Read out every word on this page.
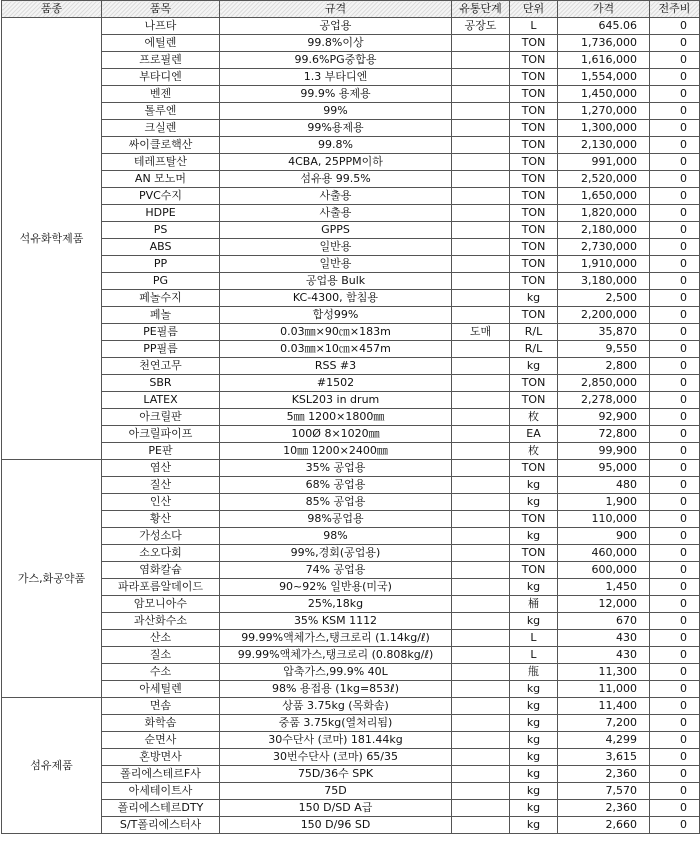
품종	품목	규격	유통단계	단위	가격	전주비
석유화학제품	나프타	공업용	공장도	L	645.06	0
	에틸렌	99.8%이상		TON	1,736,000	0
	프로필렌	99.6%PG중합용		TON	1,616,000	0
	부타디엔	1.3 부타디엔		TON	1,554,000	0
	벤젠	99.9% 용제용		TON	1,450,000	0
	톨루엔	99%		TON	1,270,000	0
	크실렌	99%용제용		TON	1,300,000	0
	싸이클로핵산	99.8%		TON	2,130,000	0
	테레프탈산	4CBA, 25PPM이하		TON	991,000	0
	AN 모노머	섬유용 99.5%		TON	2,520,000	0
	PVC수지	사출용		TON	1,650,000	0
	HDPE	사출용		TON	1,820,000	0
	PS	GPPS		TON	2,180,000	0
	ABS	일반용		TON	2,730,000	0
	PP	일반용		TON	1,910,000	0
	PG	공업용 Bulk		TON	3,180,000	0
	페놀수지	KC-4300, 함침용		kg	2,500	0
	페놀	합성99%		TON	2,200,000	0
	PE필름	0.03㎜×90㎝×183m	도매	R/L	35,870	0
	PP필름	0.03㎜×10㎝×457m		R/L	9,550	0
	천연고무	RSS #3		kg	2,800	0
	SBR	#1502		TON	2,850,000	0
	LATEX	KSL203 in drum		TON	2,278,000	0
	아크릴판	5㎜ 1200×1800㎜		枚	92,900	0
	아크릴파이프	100Ø 8×1020㎜		EA	72,800	0
	PE판	10㎜ 1200×2400㎜		枚	99,900	0
가스,화공약품	염산	35% 공업용		TON	95,000	0
	질산	68% 공업용		kg	480	0
	인산	85% 공업용		kg	1,900	0
	황산	98%공업용		TON	110,000	0
	가성소다	98%		kg	900	0
	소오다회	99%,경회(공업용)		TON	460,000	0
	염화칼슘	74% 공업용		TON	600,000	0
	파라포름알데이드	90~92% 일반용(미국)		kg	1,450	0
	암모니아수	25%,18kg		桶	12,000	0
	과산화수소	35% KSM 1112		kg	670	0
	산소	99.99%액체가스,탱크로리 (1.14kg/ℓ)		L	430	0
	질소	99.99%액체가스,탱크로리 (0.808kg/ℓ)		L	430	0
	수소	압축가스,99.9% 40L		甁	11,300	0
	아세틸렌	98% 용접용 (1kg=853ℓ)		kg	11,000	0
섬유제품	면솜	상품 3.75kg (목화솜)		kg	11,400	0
	화학솜	중품 3.75kg(열처리됨)		kg	7,200	0
	순면사	30수단사 (코마) 181.44kg		kg	4,299	0
	혼방면사	30번수단사 (코마) 65/35		kg	3,615	0
	폴리에스테르F사	75D/36수 SPK		kg	2,360	0
	아세테이트사	75D		kg	7,570	0
	폴리에스테르DTY	150 D/SD A급		kg	2,360	0
	S/T폴리에스터사	150 D/96 SD		kg	2,660	0
